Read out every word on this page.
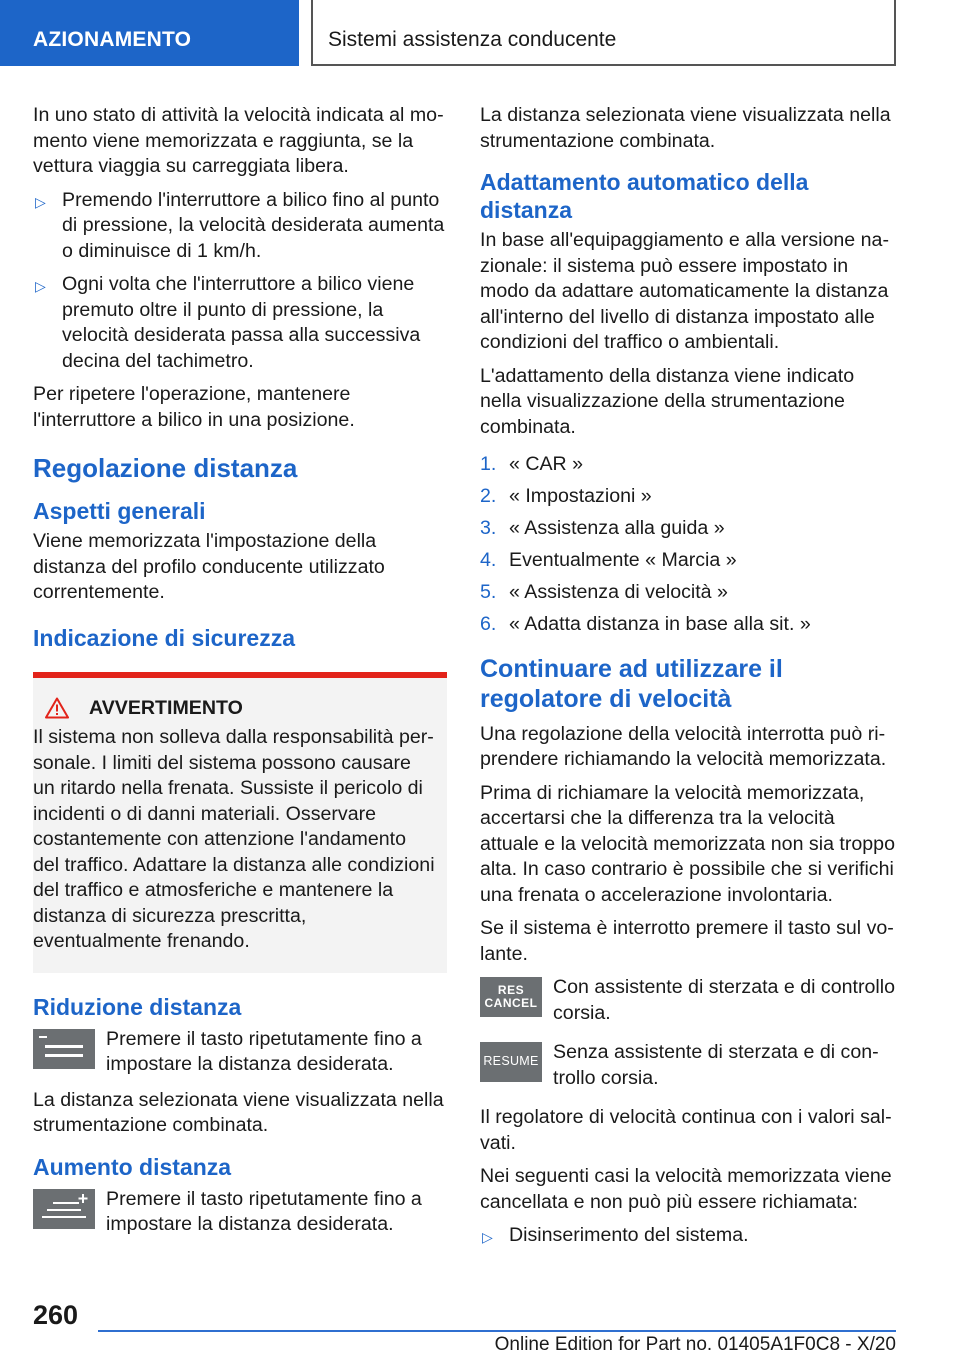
AZIONAMENTO	Sistemi assistenza conducente

In uno stato di attività la velocità indicata al momento viene memorizzata e raggiunta, se la vettura viaggia su carreggiata libera.

▷ Premendo l'interruttore a bilico fino al punto di pressione, la velocità desiderata aumenta o diminuisce di 1 km/h.
▷ Ogni volta che l'interruttore a bilico viene premuto oltre il punto di pressione, la velocità desiderata passa alla successiva decina del tachimetro.

Per ripetere l'operazione, mantenere l'interruttore a bilico in una posizione.

Regolazione distanza
Aspetti generali

Viene memorizzata l'impostazione della distanza del profilo conducente utilizzato correntemente.

Indicazione di sicurezza
AVVERTIMENTO
Il sistema non solleva dalla responsabilità personale. I limiti del sistema possono causare un ritardo nella frenata. Sussiste il pericolo di incidenti o di danni materiali. Osservare costantemente con attenzione l'andamento del traffico. Adattare la distanza alle condizioni del traffico e atmosferiche e mantenere la distanza di sicurezza prescritta, eventualmente frenando.
Riduzione distanza
Premere il tasto ripetutamente fino a impostare la distanza desiderata.

La distanza selezionata viene visualizzata nella strumentazione combinata.

Aumento distanza
Premere il tasto ripetutamente fino a impostare la distanza desiderata.

La distanza selezionata viene visualizzata nella strumentazione combinata.

Adattamento automatico della distanza

In base all'equipaggiamento e alla versione nazionale: il sistema può essere impostato in modo da adattare automaticamente la distanza all'interno del livello di distanza impostato alle condizioni del traffico o ambientali.

L'adattamento della distanza viene indicato nella visualizzazione della strumentazione combinata.

1. « CAR »
2. « Impostazioni »
3. « Assistenza alla guida »
4. Eventualmente « Marcia »
5. « Assistenza di velocità »
6. « Adatta distanza in base alla sit. »
Continuare ad utilizzare il regolatore di velocità

Una regolazione della velocità interrotta può riprendere richiamando la velocità memorizzata.

Prima di richiamare la velocità memorizzata, accertarsi che la differenza tra la velocità attuale e la velocità memorizzata non sia troppo alta. In caso contrario è possibile che si verifichi una frenata o accelerazione involontaria.

Se il sistema è interrotto premere il tasto sul volante.

RES
CANCEL
Con assistente di sterzata e di controllo corsia.
RESUME Senza assistente di sterzata e di controllo corsia.

Il regolatore di velocità continua con i valori salvati.

Nei seguenti casi la velocità memorizzata viene cancellata e non può più essere richiamata:

▷ Disinserimento del sistema.
260
Online Edition for Part no. 01405A1F0C8 - X/20
